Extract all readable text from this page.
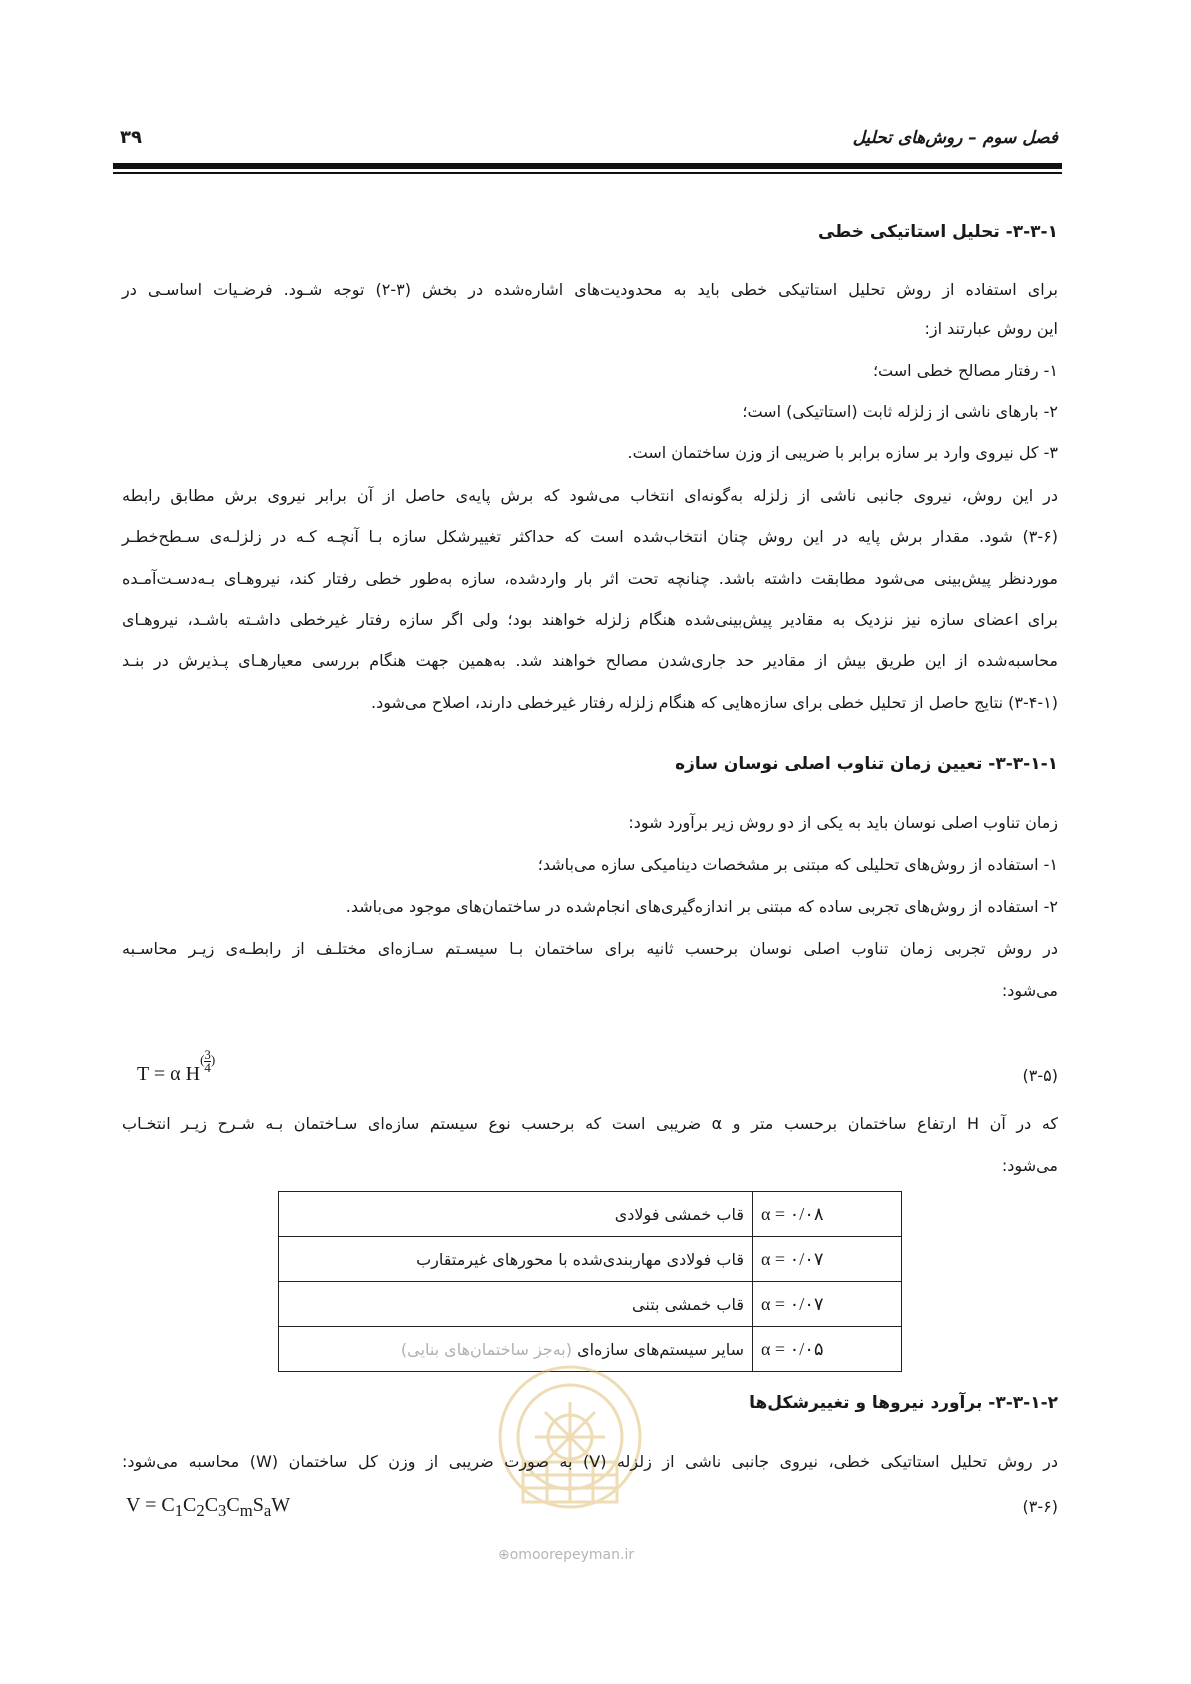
فصل سوم – روش‌های تحلیل
۳۹
۳-۳-۱- تحلیل استاتیکی خطی
برای استفاده از روش تحلیل استاتیکی خطی باید به محدودیت‌های اشاره‌شده در بخش (۳-۲) توجه شـود. فرضـیات اساسـی در
این روش عبارتند از:
۱- رفتار مصالح خطی است؛
۲- بارهای ناشی از زلزله ثابت (استاتیکی) است؛
۳- کل نیروی وارد بر سازه برابر با ضریبی از وزن ساختمان است.
در این روش، نیروی جانبی ناشی از زلزله به‌گونه‌ای انتخاب می‌شود که برش پایه‌ی حاصل از آن برابر نیروی برش مطابق رابطه
(۳-۶) شود. مقدار برش پایه در این روش چنان انتخاب‌شده است که حداکثر تغییرشکل سازه بـا آنچـه کـه در زلزلـه‌ی سـطح‌خطـر
موردنظر پیش‌بینی می‌شود مطابقت داشته باشد. چنانچه تحت اثر بار واردشده، سازه به‌طور خطی رفتار کند، نیروهـای بـه‌دسـت‌آمـده
برای اعضای سازه نیز نزدیک به مقادیر پیش‌بینی‌شده هنگام زلزله خواهند بود؛ ولی اگر سازه رفتار غیرخطی داشـته باشـد، نیروهـای
محاسبه‌شده از این طریق بیش از مقادیر حد جاری‌شدن مصالح خواهند شد. به‌همین جهت هنگام بررسی معیارهـای پـذیرش در بنـد
(۳-۴-۱) نتایج حاصل از تحلیل خطی برای سازه‌هایی که هنگام زلزله رفتار غیرخطی دارند، اصلاح می‌شود.
۳-۳-۱-۱- تعیین زمان تناوب اصلی نوسان سازه
زمان تناوب اصلی نوسان باید به یکی از دو روش زیر برآورد شود:
۱- استفاده از روش‌های تحلیلی که مبتنی بر مشخصات دینامیکی سازه می‌باشد؛
۲- استفاده از روش‌های تجربی ساده که مبتنی بر اندازه‌گیری‌های انجام‌شده در ساختمان‌های موجود می‌باشد.
در روش تجربی زمان تناوب اصلی نوسان برحسب ثانیه برای ساختمان بـا سیسـتم سـازه‌ای مختلـف از رابطـه‌ی زیـر محاسـبه
می‌شود:
T = α $H^{( \frac{3}{4} )}$
(۳-۵)
که در آن H ارتفاع ساختمان برحسب متر و α ضریبی است که برحسب نوع سیستم سازه‌ای سـاختمان بـه شـرح زیـر انتخـاب
می‌شود:
قاب خمشی فولادی	α = ۰/۰۸
قاب فولادی مهاربندی‌شده با محورهای غیرمتقارب	α = ۰/۰۷
قاب خمشی بتنی	α = ۰/۰۷
سایر سیستم‌های سازه‌ای (به‌جز ساختمان‌های بنایی)	α = ۰/۰۵
⊕omoorepeyman.ir
۳-۳-۱-۲- برآورد نیروها و تغییرشکل‌ها
در روش تحلیل استاتیکی خطی، نیروی جانبی ناشی از زلزله (V) به صورت ضریبی از وزن کل ساختمان (W) محاسبه می‌شود:
$V = C_1C_2C_3C_mS_aW$	(۳-۶)
